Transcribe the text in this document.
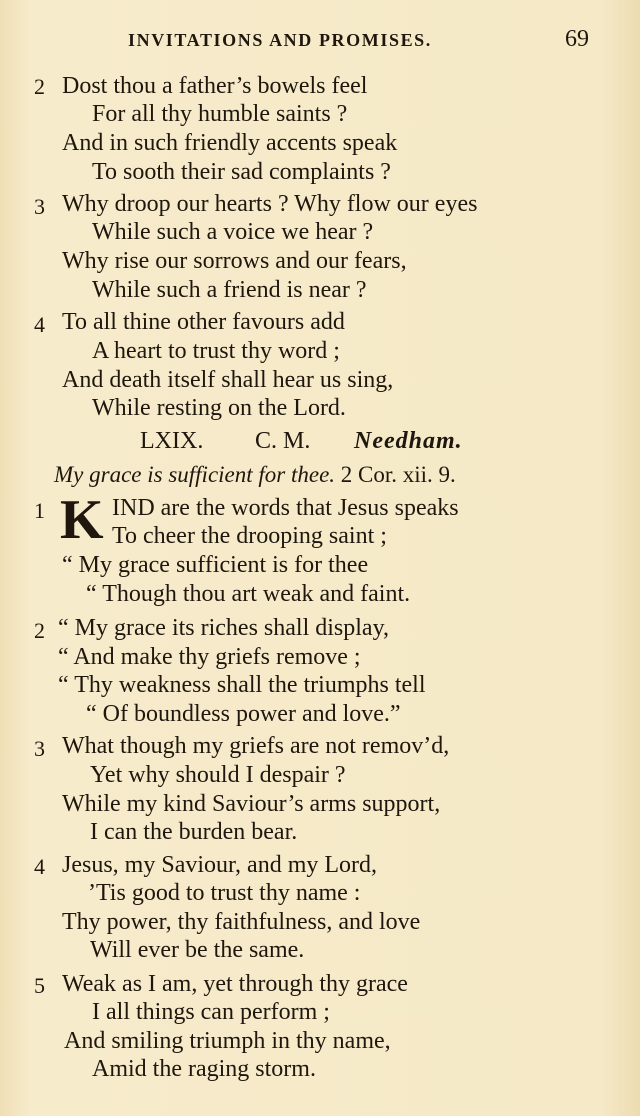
INVITATIONS AND PROMISES.	69
2 Dost thou a father’s bowels feel
For all thy humble saints ?
And in such friendly accents speak
To sooth their sad complaints ?
3 Why droop our hearts ? Why flow our eyes
While such a voice we hear ?
Why rise our sorrows and our fears,
While such a friend is near ?
4 To all thine other favours add
A heart to trust thy word ;
And death itself shall hear us sing,
While resting on the Lord.
LXIX. C. M. Needham.
My grace is sufficient for thee. 2 Cor. xii. 9.
1 K IND are the words that Jesus speaks
To cheer the drooping saint ;
“ My grace sufficient is for thee
“ Though thou art weak and faint.
2 “ My grace its riches shall display,
“ And make thy griefs remove ;
“ Thy weakness shall the triumphs tell
“ Of boundless power and love.”
3 What though my griefs are not remov’d,
Yet why should I despair ?
While my kind Saviour’s arms support,
I can the burden bear.
4 Jesus, my Saviour, and my Lord,
’Tis good to trust thy name :
Thy power, thy faithfulness, and love
Will ever be the same.
5 Weak as I am, yet through thy grace
I all things can perform ;
And smiling triumph in thy name,
Amid the raging storm.
